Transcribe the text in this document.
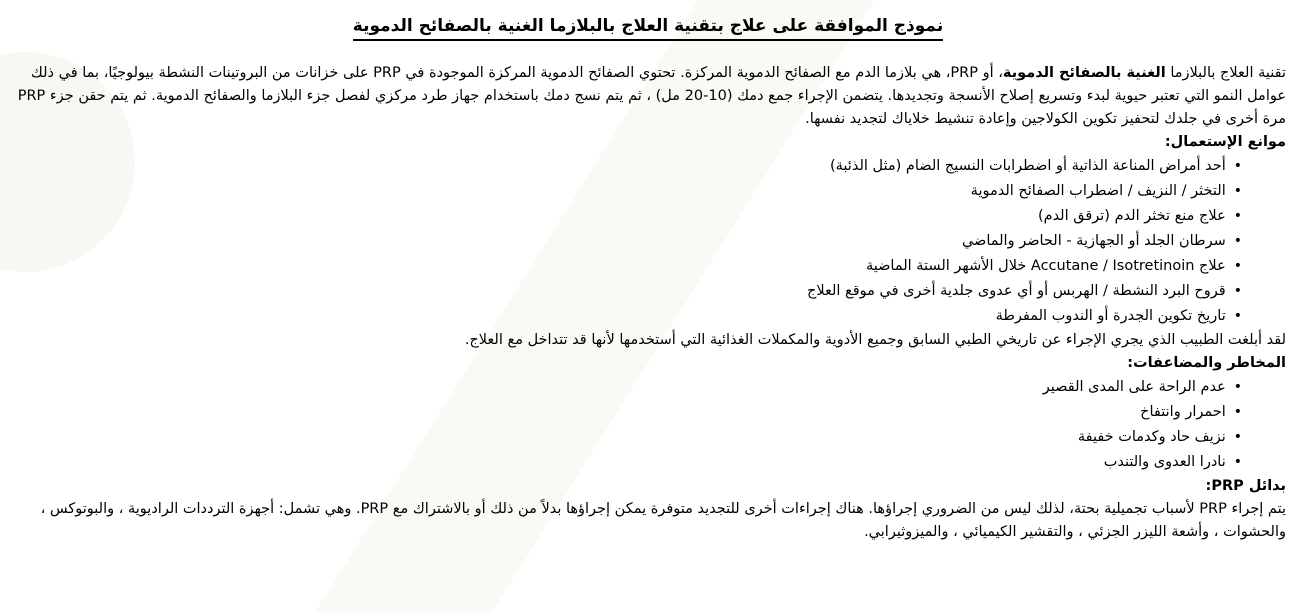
نموذج الموافقة على علاج بتقنية العلاج بالبلازما الغنية بالصفائح الدموية

تقنية العلاج بالبلازما الغنية بالصفائح الدموية، أو PRP، هي بلازما الدم مع الصفائح الدموية المركزة. تحتوي الصفائح الدموية المركزة الموجودة في PRP على خزانات من البروتينات النشطة بيولوجيًا، بما في ذلك عوامل النمو التي تعتبر حيوية لبدء وتسريع إصلاح الأنسجة وتجديدها. يتضمن الإجراء جمع دمك (10-20 مل) ، ثم يتم نسج دمك باستخدام جهاز طرد مركزي لفصل جزء البلازما والصفائح الدموية. ثم يتم حقن جزء PRP مرة أخرى في جلدك لتحفيز تكوين الكولاجين وإعادة تنشيط خلاياك لتجديد نفسها.

موانع الإستعمال:
• أحد أمراض المناعة الذاتية أو اضطرابات النسيج الضام (مثل الذئبة)
• التخثر / النزيف / اضطراب الصفائح الدموية
• علاج منع تخثر الدم (ترقق الدم)
• سرطان الجلد أو الجهازية - الحاضر والماضي
• علاج Accutane / Isotretinoin خلال الأشهر الستة الماضية
• قروح البرد النشطة / الهربس أو أي عدوى جلدية أخرى في موقع العلاج
• تاريخ تكوين الجدرة أو الندوب المفرطة

لقد أبلغت الطبيب الذي يجري الإجراء عن تاريخي الطبي السابق وجميع الأدوية والمكملات الغذائية التي أستخدمها لأنها قد تتداخل مع العلاج.

المخاطر والمضاعفات:
• عدم الراحة على المدى القصير
• احمرار وانتفاخ
• نزيف حاد وكدمات خفيفة
• نادرا العدوى والتندب
بدائل PRP:

يتم إجراء PRP لأسباب تجميلية بحتة، لذلك ليس من الضروري إجراؤها. هناك إجراءات أخرى للتجديد متوفرة يمكن إجراؤها بدلاً من ذلك أو بالاشتراك مع PRP. وهي تشمل: أجهزة الترددات الراديوية ، والبوتوكس ، والحشوات ، وأشعة الليزر الجزئي ، والتقشير الكيميائي ، والميزوثيرابي.
